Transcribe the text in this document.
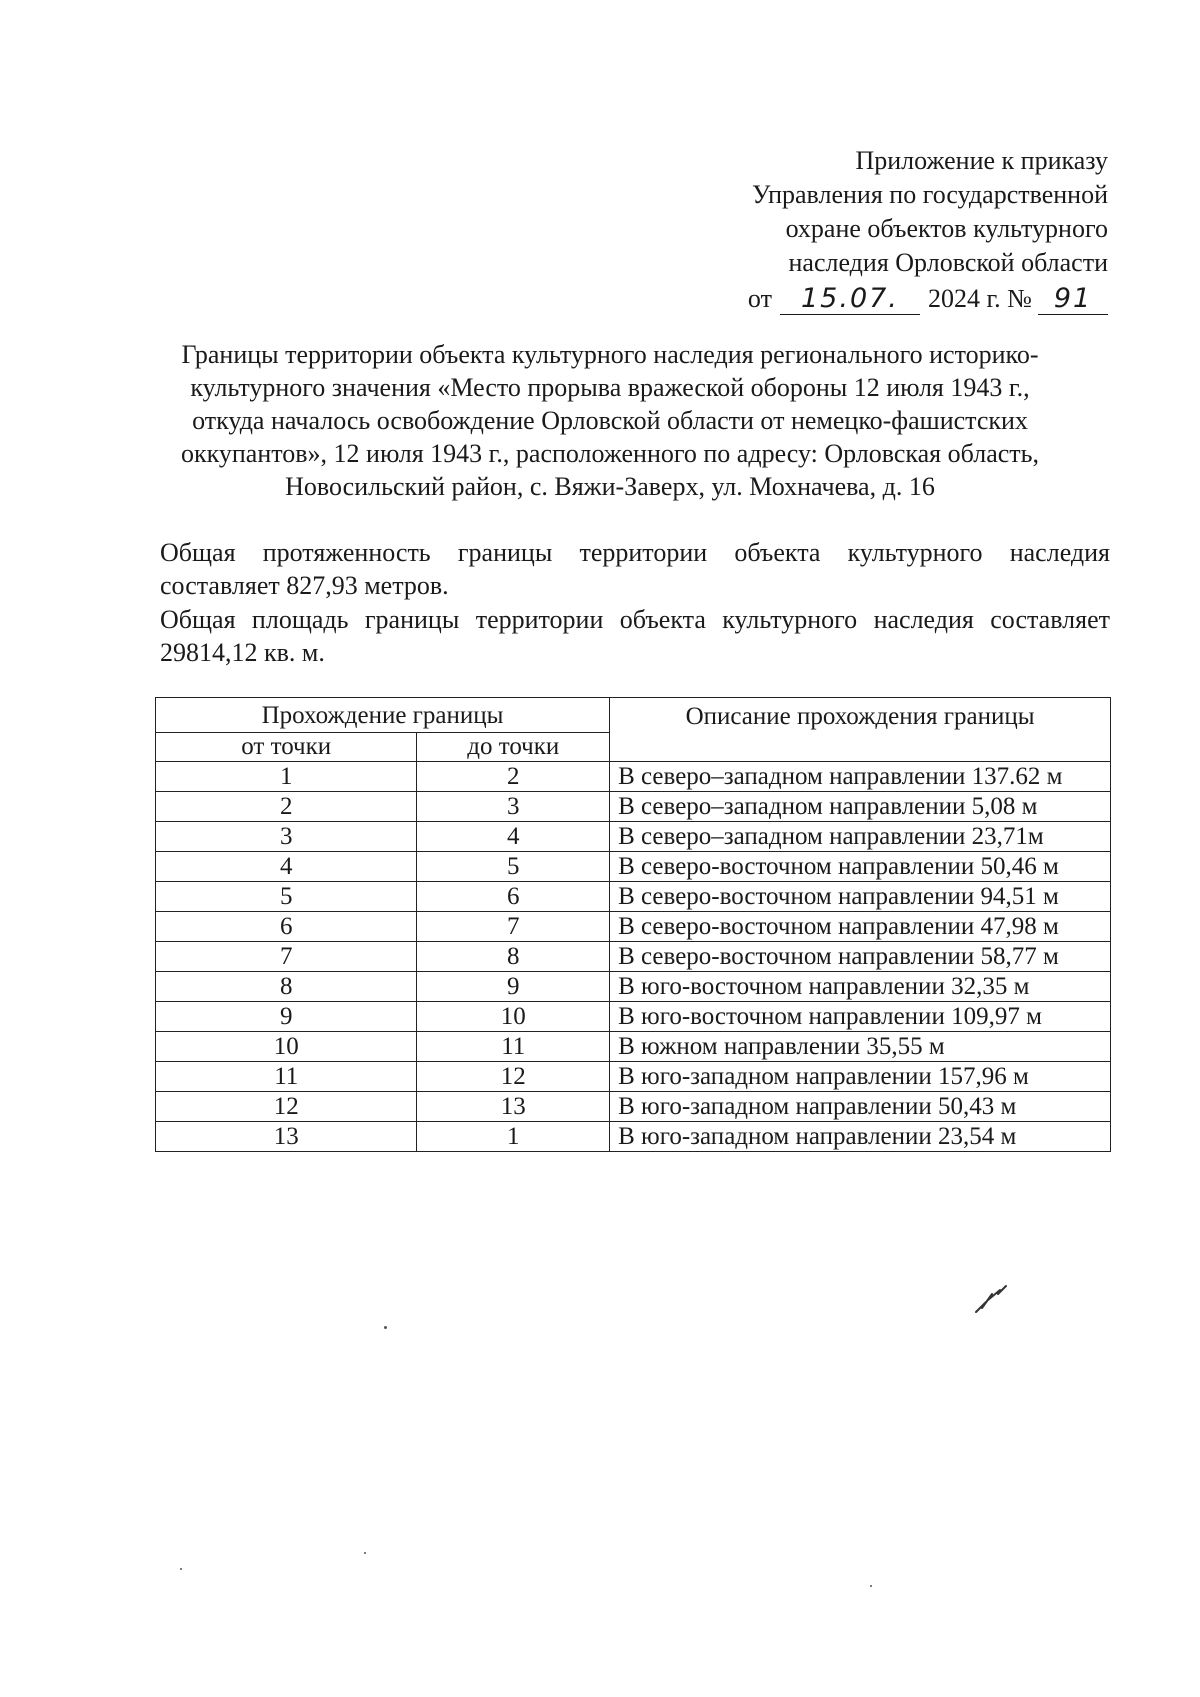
Приложение к приказу
Управления по государственной
охране объектов культурного
наследия Орловской области
от 15.07. 2024 г. № 91
Границы территории объекта культурного наследия регионального историко-
культурного значения «Место прорыва вражеской обороны 12 июля 1943 г.,
откуда началось освобождение Орловской области от немецко-фашистских
оккупантов», 12 июля 1943 г., расположенного по адресу: Орловская область,
Новосильский район, с. Вяжи-Заверх, ул. Мохначева, д. 16
Общая протяженность границы территории объекта культурного наследия составляет 827,93 метров.
Общая площадь границы территории объекта культурного наследия составляет 29814,12 кв. м.
Прохождение границы		Описание прохождения границы
от точки	до точки	
1	2	В северо–западном направлении 137.62 м
2	3	В северо–западном направлении 5,08 м
3	4	В северо–западном направлении 23,71м
4	5	В северо-восточном направлении 50,46 м
5	6	В северо-восточном направлении 94,51 м
6	7	В северо-восточном направлении 47,98 м
7	8	В северо-восточном направлении 58,77 м
8	9	В юго-восточном направлении 32,35 м
9	10	В юго-восточном направлении 109,97 м
10	11	В южном направлении 35,55 м
11	12	В юго-западном направлении 157,96 м
12	13	В юго-западном направлении 50,43 м
13	1	В юго-западном направлении 23,54 м
